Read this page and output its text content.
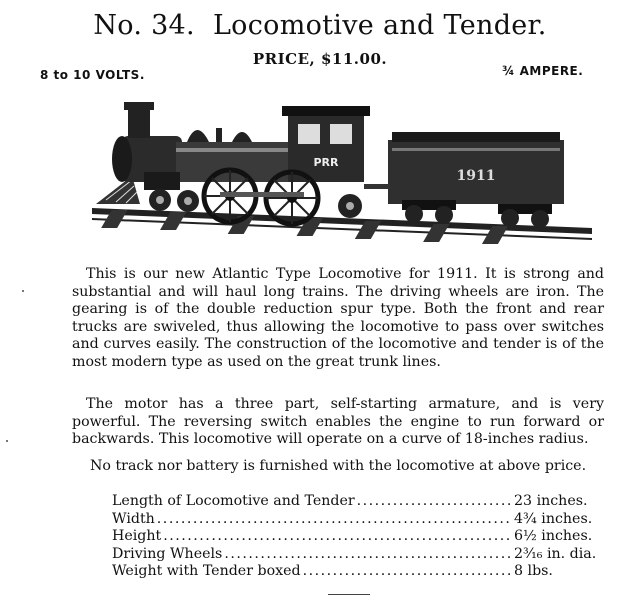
No. 34. Locomotive and Tender.
PRICE, $11.00.
8 to 10 VOLTS.	¾ AMPERE.
PRR
1911
This is our new Atlantic Type Locomotive for 1911. It is strong and substantial and will haul long trains. The driving wheels are iron. The gearing is of the double reduction spur type. Both the front and rear trucks are swiveled, thus allowing the locomotive to pass over switches and curves easily. The construction of the locomotive and tender is of the most modern type as used on the great trunk lines.
The motor has a three part, self-starting armature, and is very powerful. The reversing switch enables the engine to run forward or backwards. This locomotive will operate on a curve of 18-inches radius.
No track nor battery is furnished with the locomotive at above price.
Length of Locomotive and Tender .....	23 inches.
Width .....	4¾ inches.
Height .....	6½ inches.
Driving Wheels .....	2³⁄₁₆ in. dia.
Weight with Tender boxed .....	8 lbs.
